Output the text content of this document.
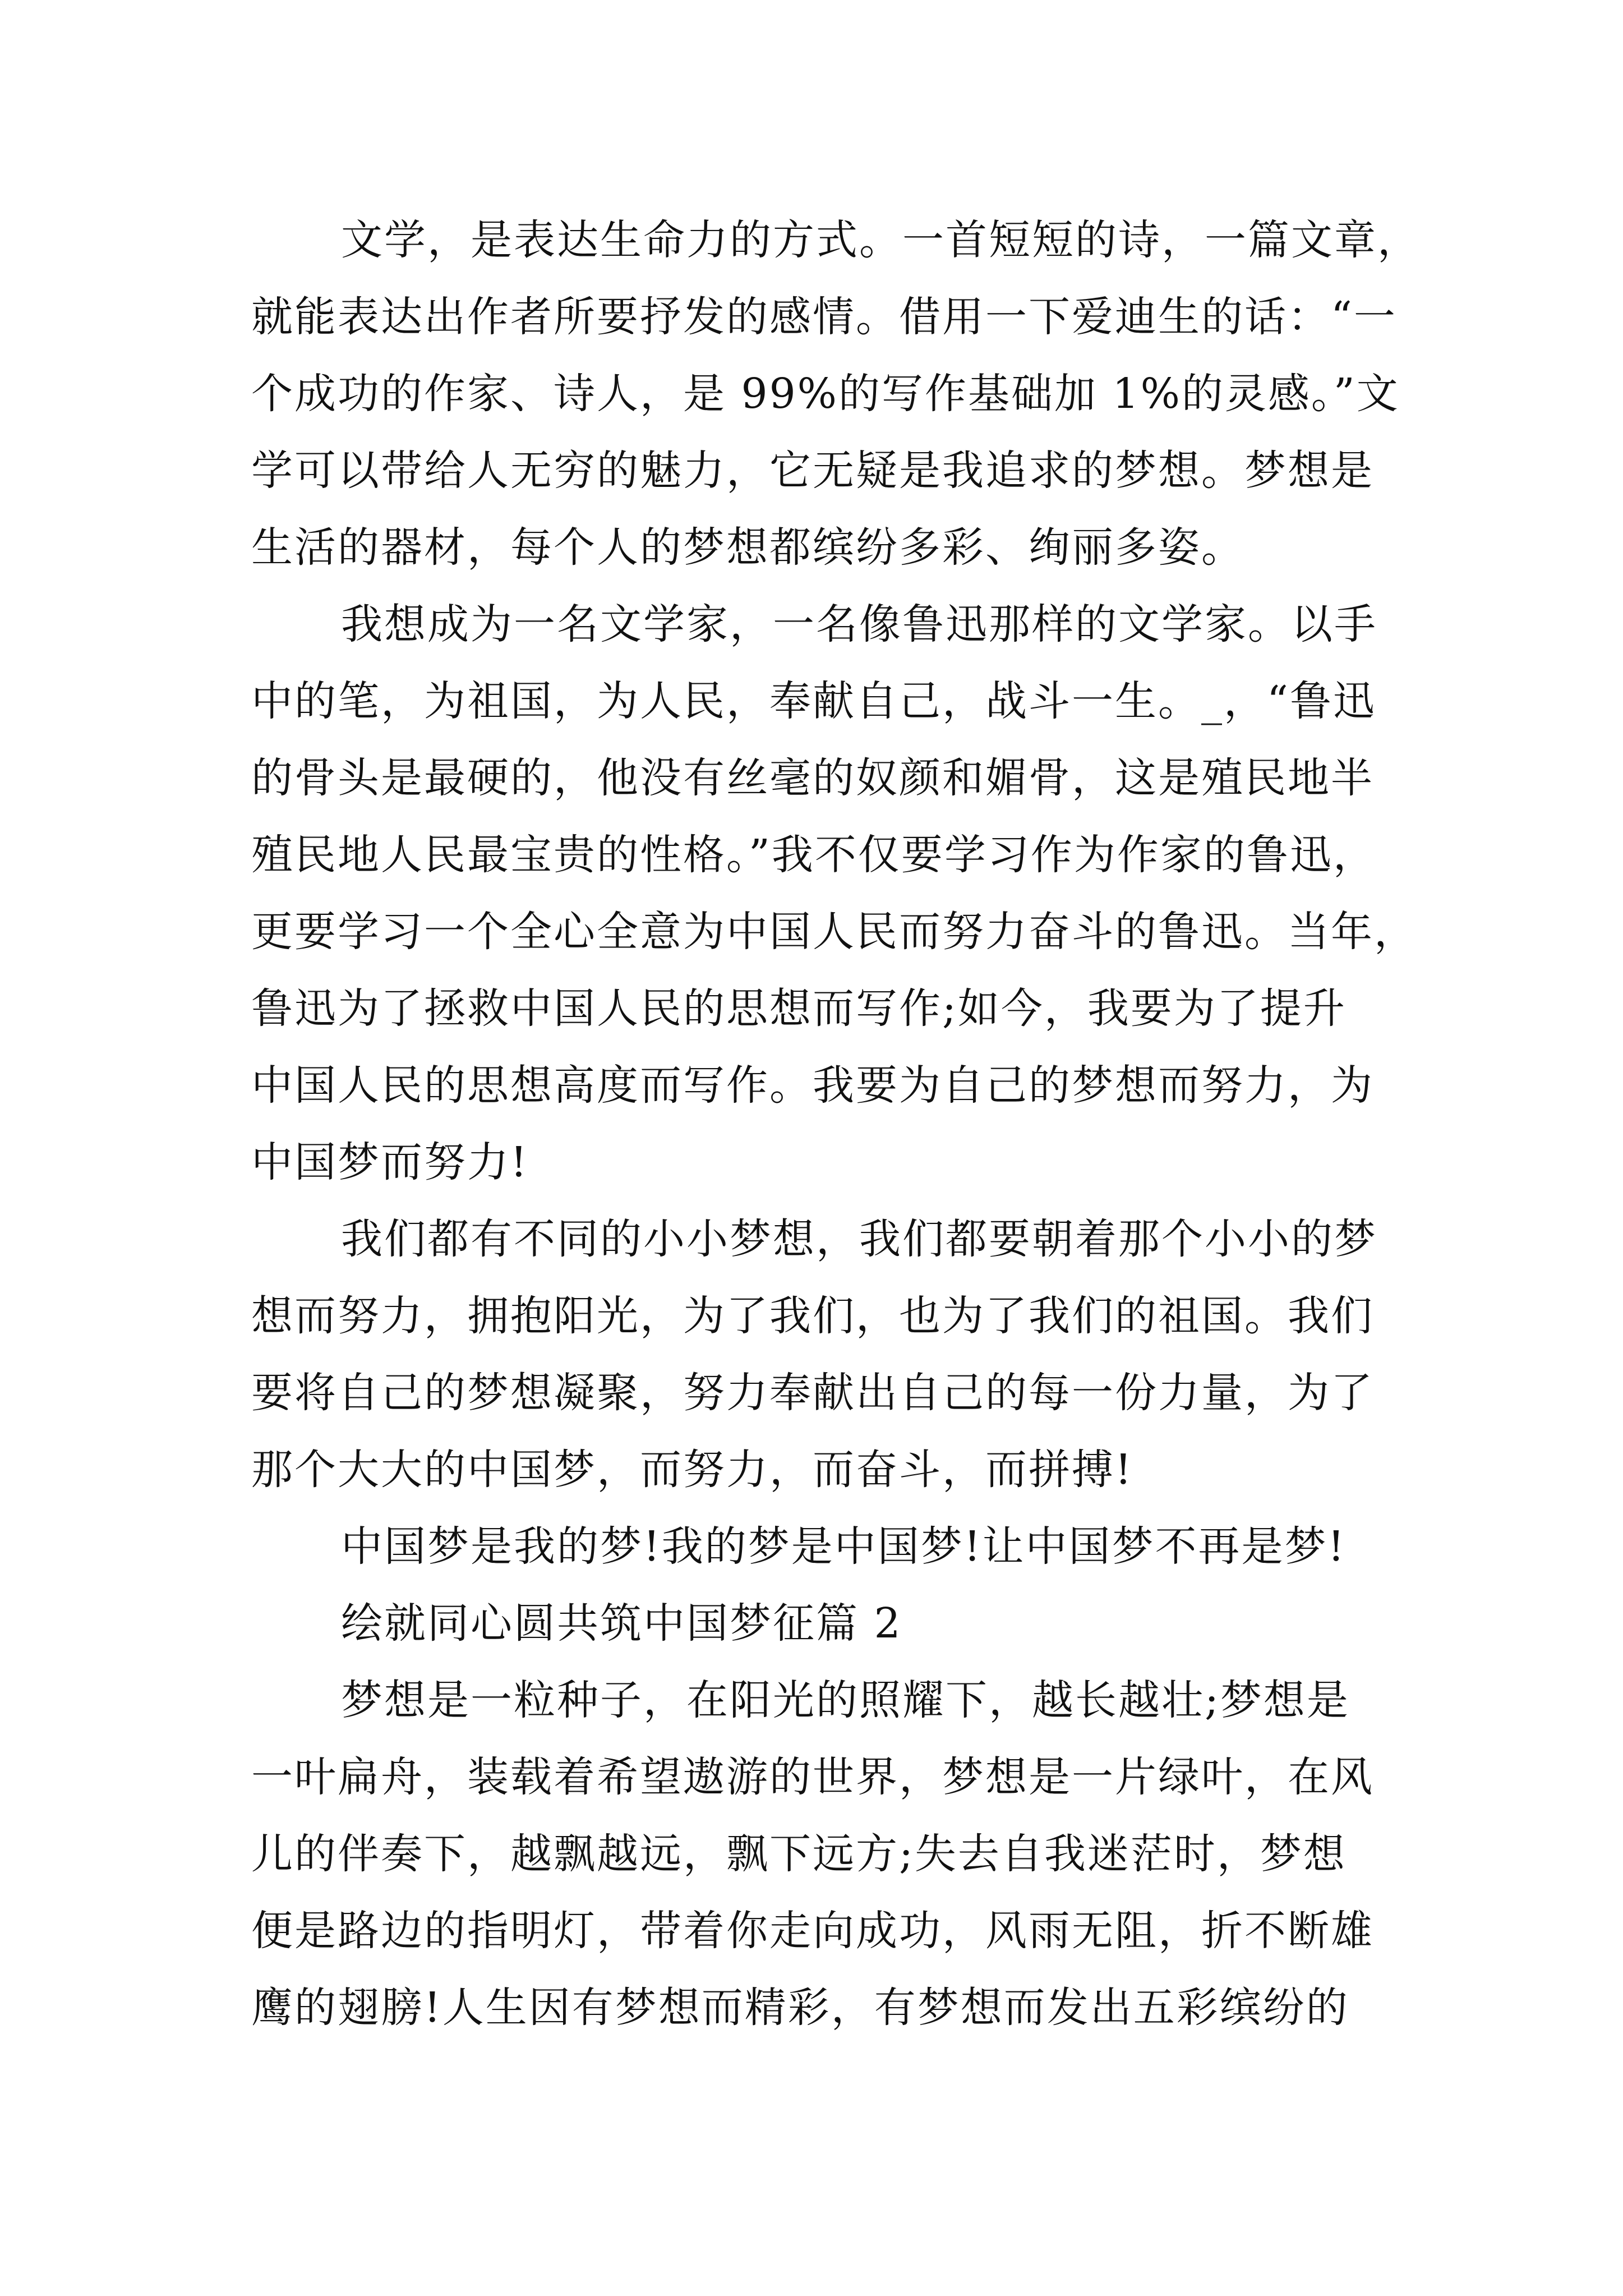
文学，是表达生命力的方式。一首短短的诗，一篇文章，
就能表达出作者所要抒发的感情。借用一下爱迪生的话：“一
个成功的作家、诗人，是 99%的写作基础加 1%的灵感。”文
学可以带给人无穷的魅力，它无疑是我追求的梦想。梦想是
生活的器材，每个人的梦想都缤纷多彩、绚丽多姿。
我想成为一名文学家，一名像鲁迅那样的文学家。以手
中的笔，为祖国，为人民，奉献自己，战斗一生。_，“鲁迅
的骨头是最硬的，他没有丝毫的奴颜和媚骨，这是殖民地半
殖民地人民最宝贵的性格。”我不仅要学习作为作家的鲁迅，
更要学习一个全心全意为中国人民而努力奋斗的鲁迅。当年，
鲁迅为了拯救中国人民的思想而写作;如今，我要为了提升
中国人民的思想高度而写作。我要为自己的梦想而努力，为
中国梦而努力!
我们都有不同的小小梦想，我们都要朝着那个小小的梦
想而努力，拥抱阳光，为了我们，也为了我们的祖国。我们
要将自己的梦想凝聚，努力奉献出自己的每一份力量，为了
那个大大的中国梦，而努力，而奋斗，而拼搏!
中国梦是我的梦!我的梦是中国梦!让中国梦不再是梦!
绘就同心圆共筑中国梦征篇 2
梦想是一粒种子，在阳光的照耀下，越长越壮;梦想是
一叶扁舟，装载着希望遨游的世界，梦想是一片绿叶，在风
儿的伴奏下，越飘越远，飘下远方;失去自我迷茫时，梦想
便是路边的指明灯，带着你走向成功，风雨无阻，折不断雄
鹰的翅膀!人生因有梦想而精彩，有梦想而发出五彩缤纷的
